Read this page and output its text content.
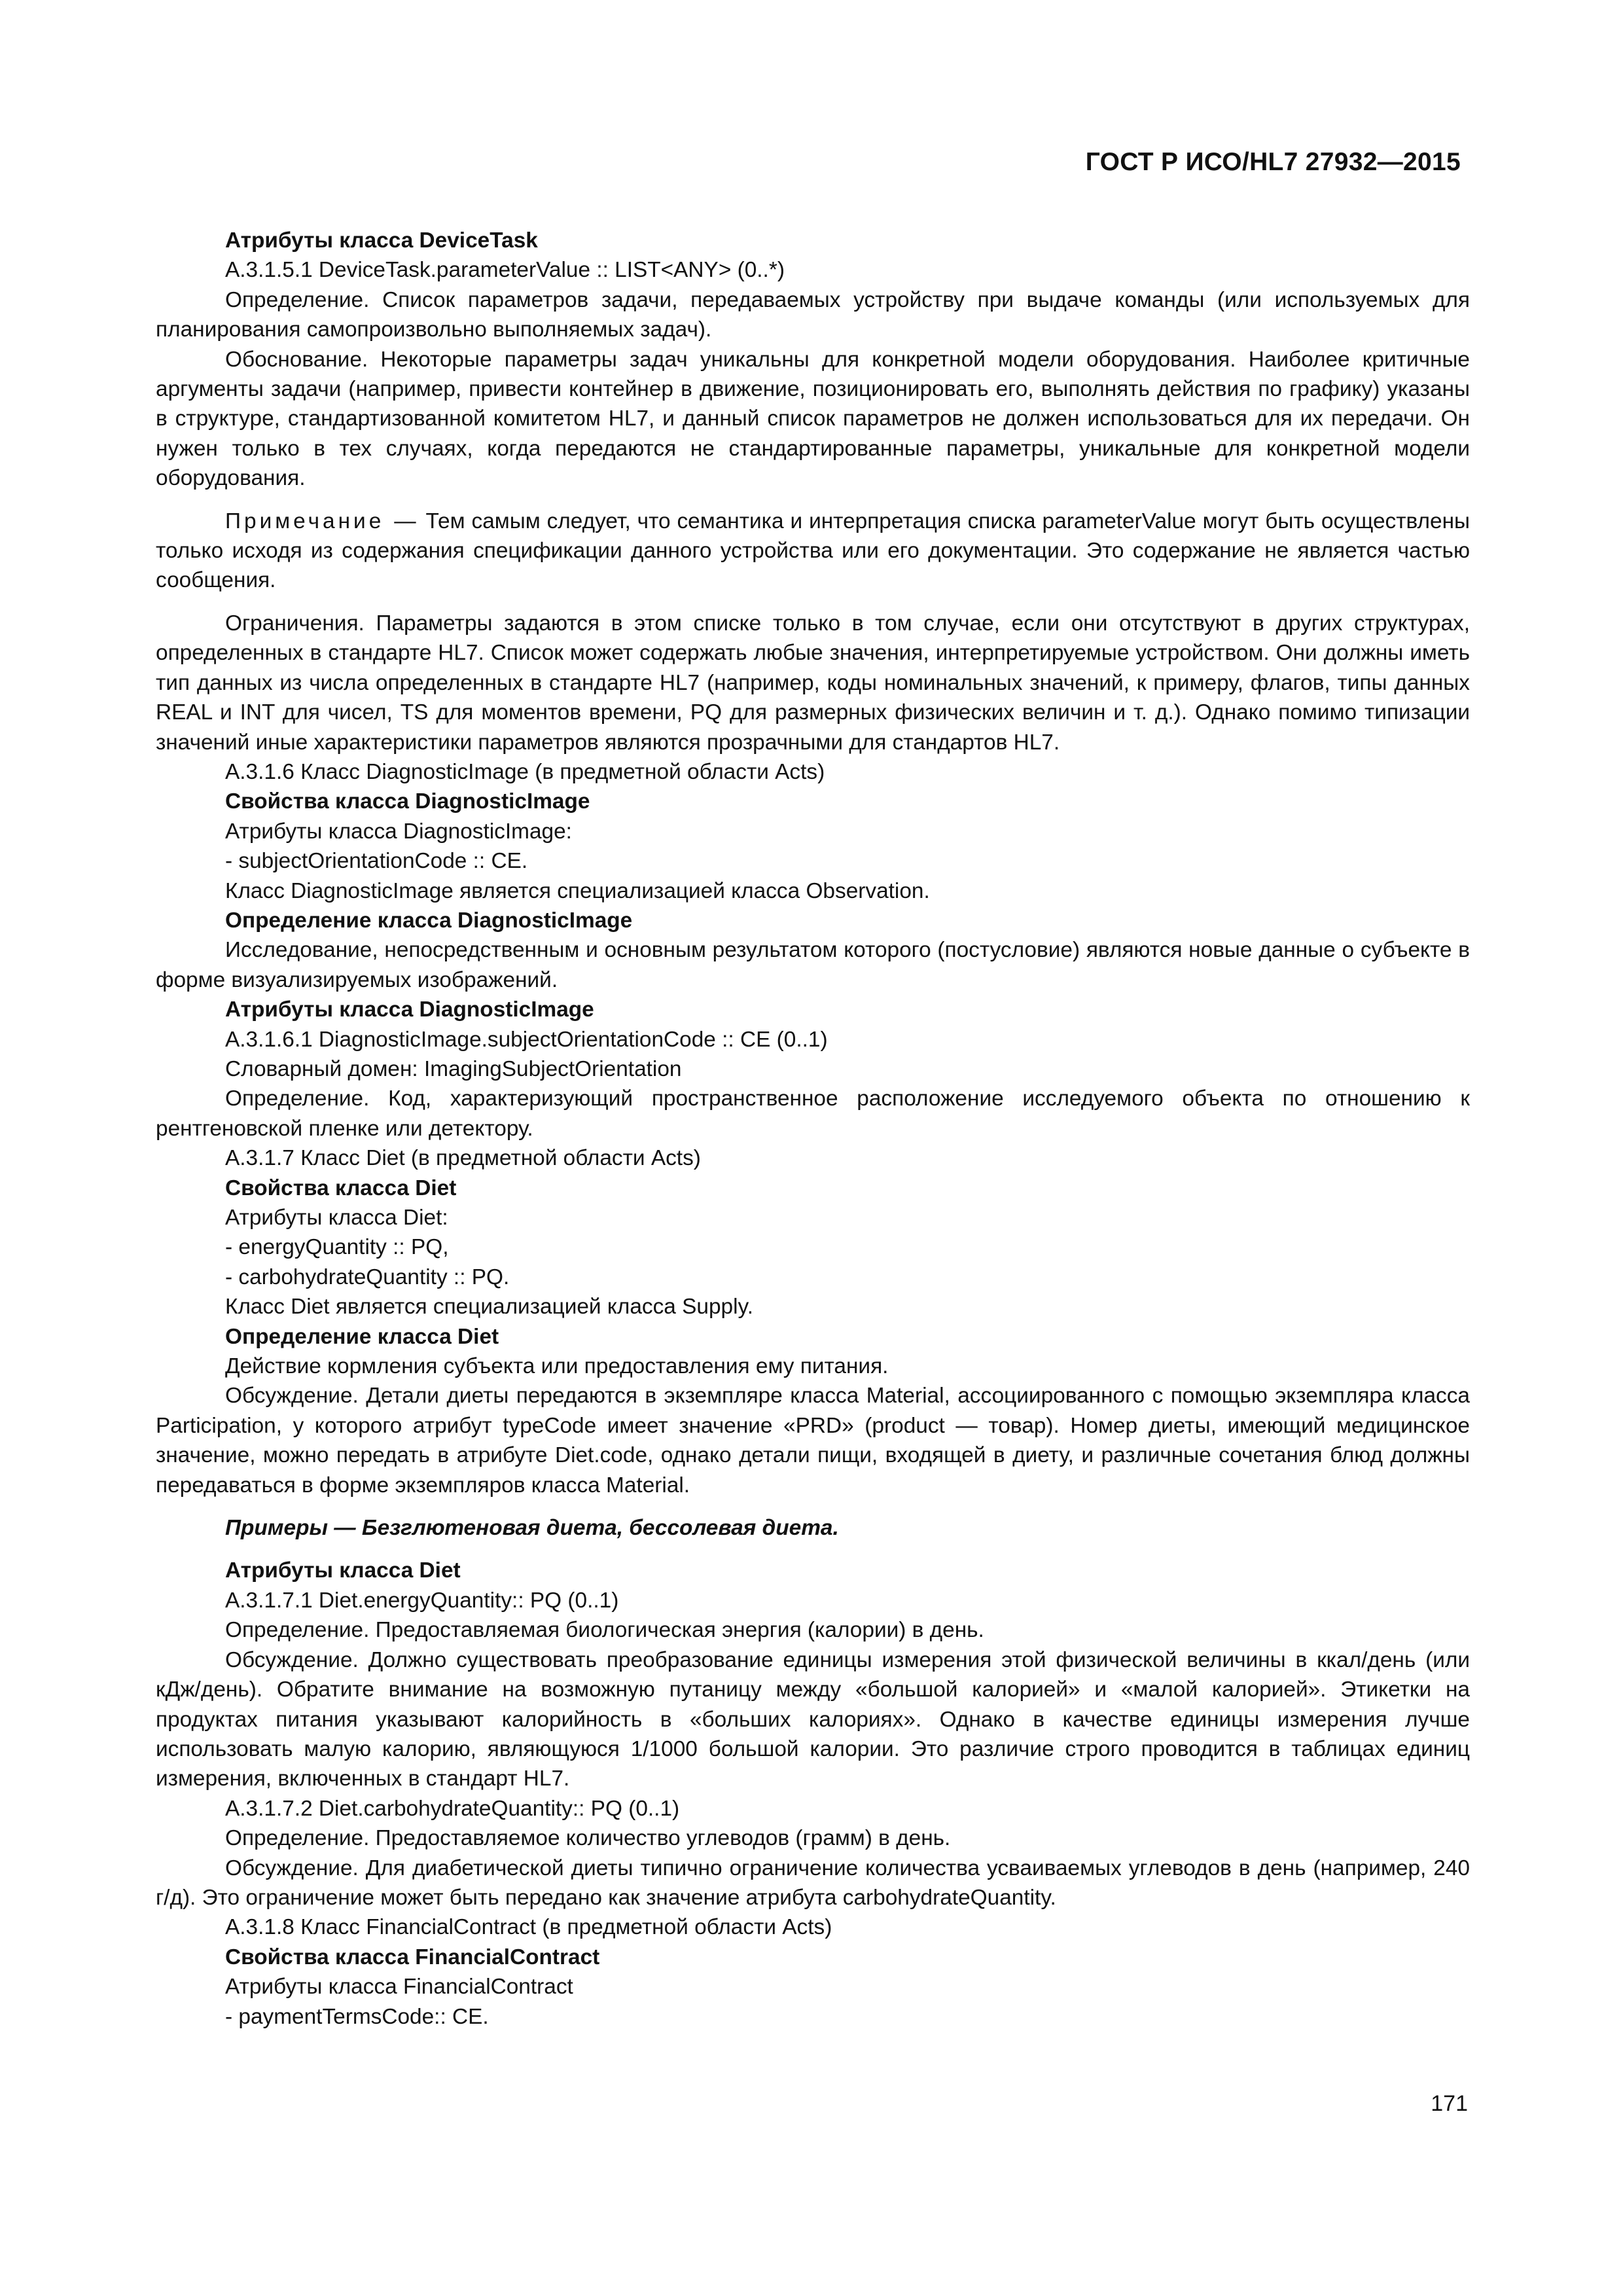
ГОСТ Р ИСО/HL7 27932—2015

Атрибуты класса DeviceTask

A.3.1.5.1 DeviceTask.parameterValue :: LIST<ANY> (0..*)

Определение. Список параметров задачи, передаваемых устройству при выдаче команды (или используемых для планирования самопроизвольно выполняемых задач).

Обоснование. Некоторые параметры задач уникальны для конкретной модели оборудования. Наиболее критичные аргументы задачи (например, привести контейнер в движение, позиционировать его, выполнять действия по графику) указаны в структуре, стандартизованной комитетом HL7, и данный список параметров не должен использоваться для их передачи. Он нужен только в тех случаях, когда передаются не стандартированные параметры, уникальные для конкретной модели оборудования.

Примечание — Тем самым следует, что семантика и интерпретация списка parameterValue могут быть осуществлены только исходя из содержания спецификации данного устройства или его документации. Это содержание не является частью сообщения.

Ограничения. Параметры задаются в этом списке только в том случае, если они отсутствуют в других структурах, определенных в стандарте HL7. Список может содержать любые значения, интерпретируемые устройством. Они должны иметь тип данных из числа определенных в стандарте HL7 (например, коды номинальных значений, к примеру, флагов, типы данных REAL и INT для чисел, TS для моментов времени, PQ для размерных физических величин и т. д.). Однако помимо типизации значений иные характеристики параметров являются прозрачными для стандартов HL7.

A.3.1.6 Класс DiagnosticImage (в предметной области Acts)

Свойства класса DiagnosticImage

Атрибуты класса DiagnosticImage:

- subjectOrientationCode :: CE.

Класс DiagnosticImage является специализацией класса Observation.

Определение класса DiagnosticImage

Исследование, непосредственным и основным результатом которого (постусловие) являются новые данные о субъекте в форме визуализируемых изображений.

Атрибуты класса DiagnosticImage

A.3.1.6.1 DiagnosticImage.subjectOrientationCode :: CE (0..1)

Словарный домен: ImagingSubjectOrientation

Определение. Код, характеризующий пространственное расположение исследуемого объекта по отношению к рентгеновской пленке или детектору.

A.3.1.7 Класс Diet (в предметной области Acts)

Свойства класса Diet

Атрибуты класса Diet:

- energyQuantity :: PQ,

- carbohydrateQuantity :: PQ.

Класс Diet является специализацией класса Supply.

Определение класса Diet

Действие кормления субъекта или предоставления ему питания.

Обсуждение. Детали диеты передаются в экземпляре класса Material, ассоциированного с помощью экземпляра класса Participation, у которого атрибут typeCode имеет значение «PRD» (product — товар). Номер диеты, имеющий медицинское значение, можно передать в атрибуте Diet.code, однако детали пищи, входящей в диету, и различные сочетания блюд должны передаваться в форме экземпляров класса Material.

Примеры — Безглютеновая диета, бессолевая диета.

Атрибуты класса Diet

A.3.1.7.1 Diet.energyQuantity:: PQ (0..1)

Определение. Предоставляемая биологическая энергия (калории) в день.

Обсуждение. Должно существовать преобразование единицы измерения этой физической величины в ккал/день (или кДж/день). Обратите внимание на возможную путаницу между «большой калорией» и «малой калорией». Этикетки на продуктах питания указывают калорийность в «больших калориях». Однако в качестве единицы измерения лучше использовать малую калорию, являющуюся 1/1000 большой калории. Это различие строго проводится в таблицах единиц измерения, включенных в стандарт HL7.

A.3.1.7.2 Diet.carbohydrateQuantity:: PQ (0..1)

Определение. Предоставляемое количество углеводов (грамм) в день.

Обсуждение. Для диабетической диеты типично ограничение количества усваиваемых углеводов в день (например, 240 г/д). Это ограничение может быть передано как значение атрибута carbohydrateQuantity.

A.3.1.8 Класс FinancialContract (в предметной области Acts)

Свойства класса FinancialContract

Атрибуты класса FinancialContract

- paymentTermsCode:: CE.

171
